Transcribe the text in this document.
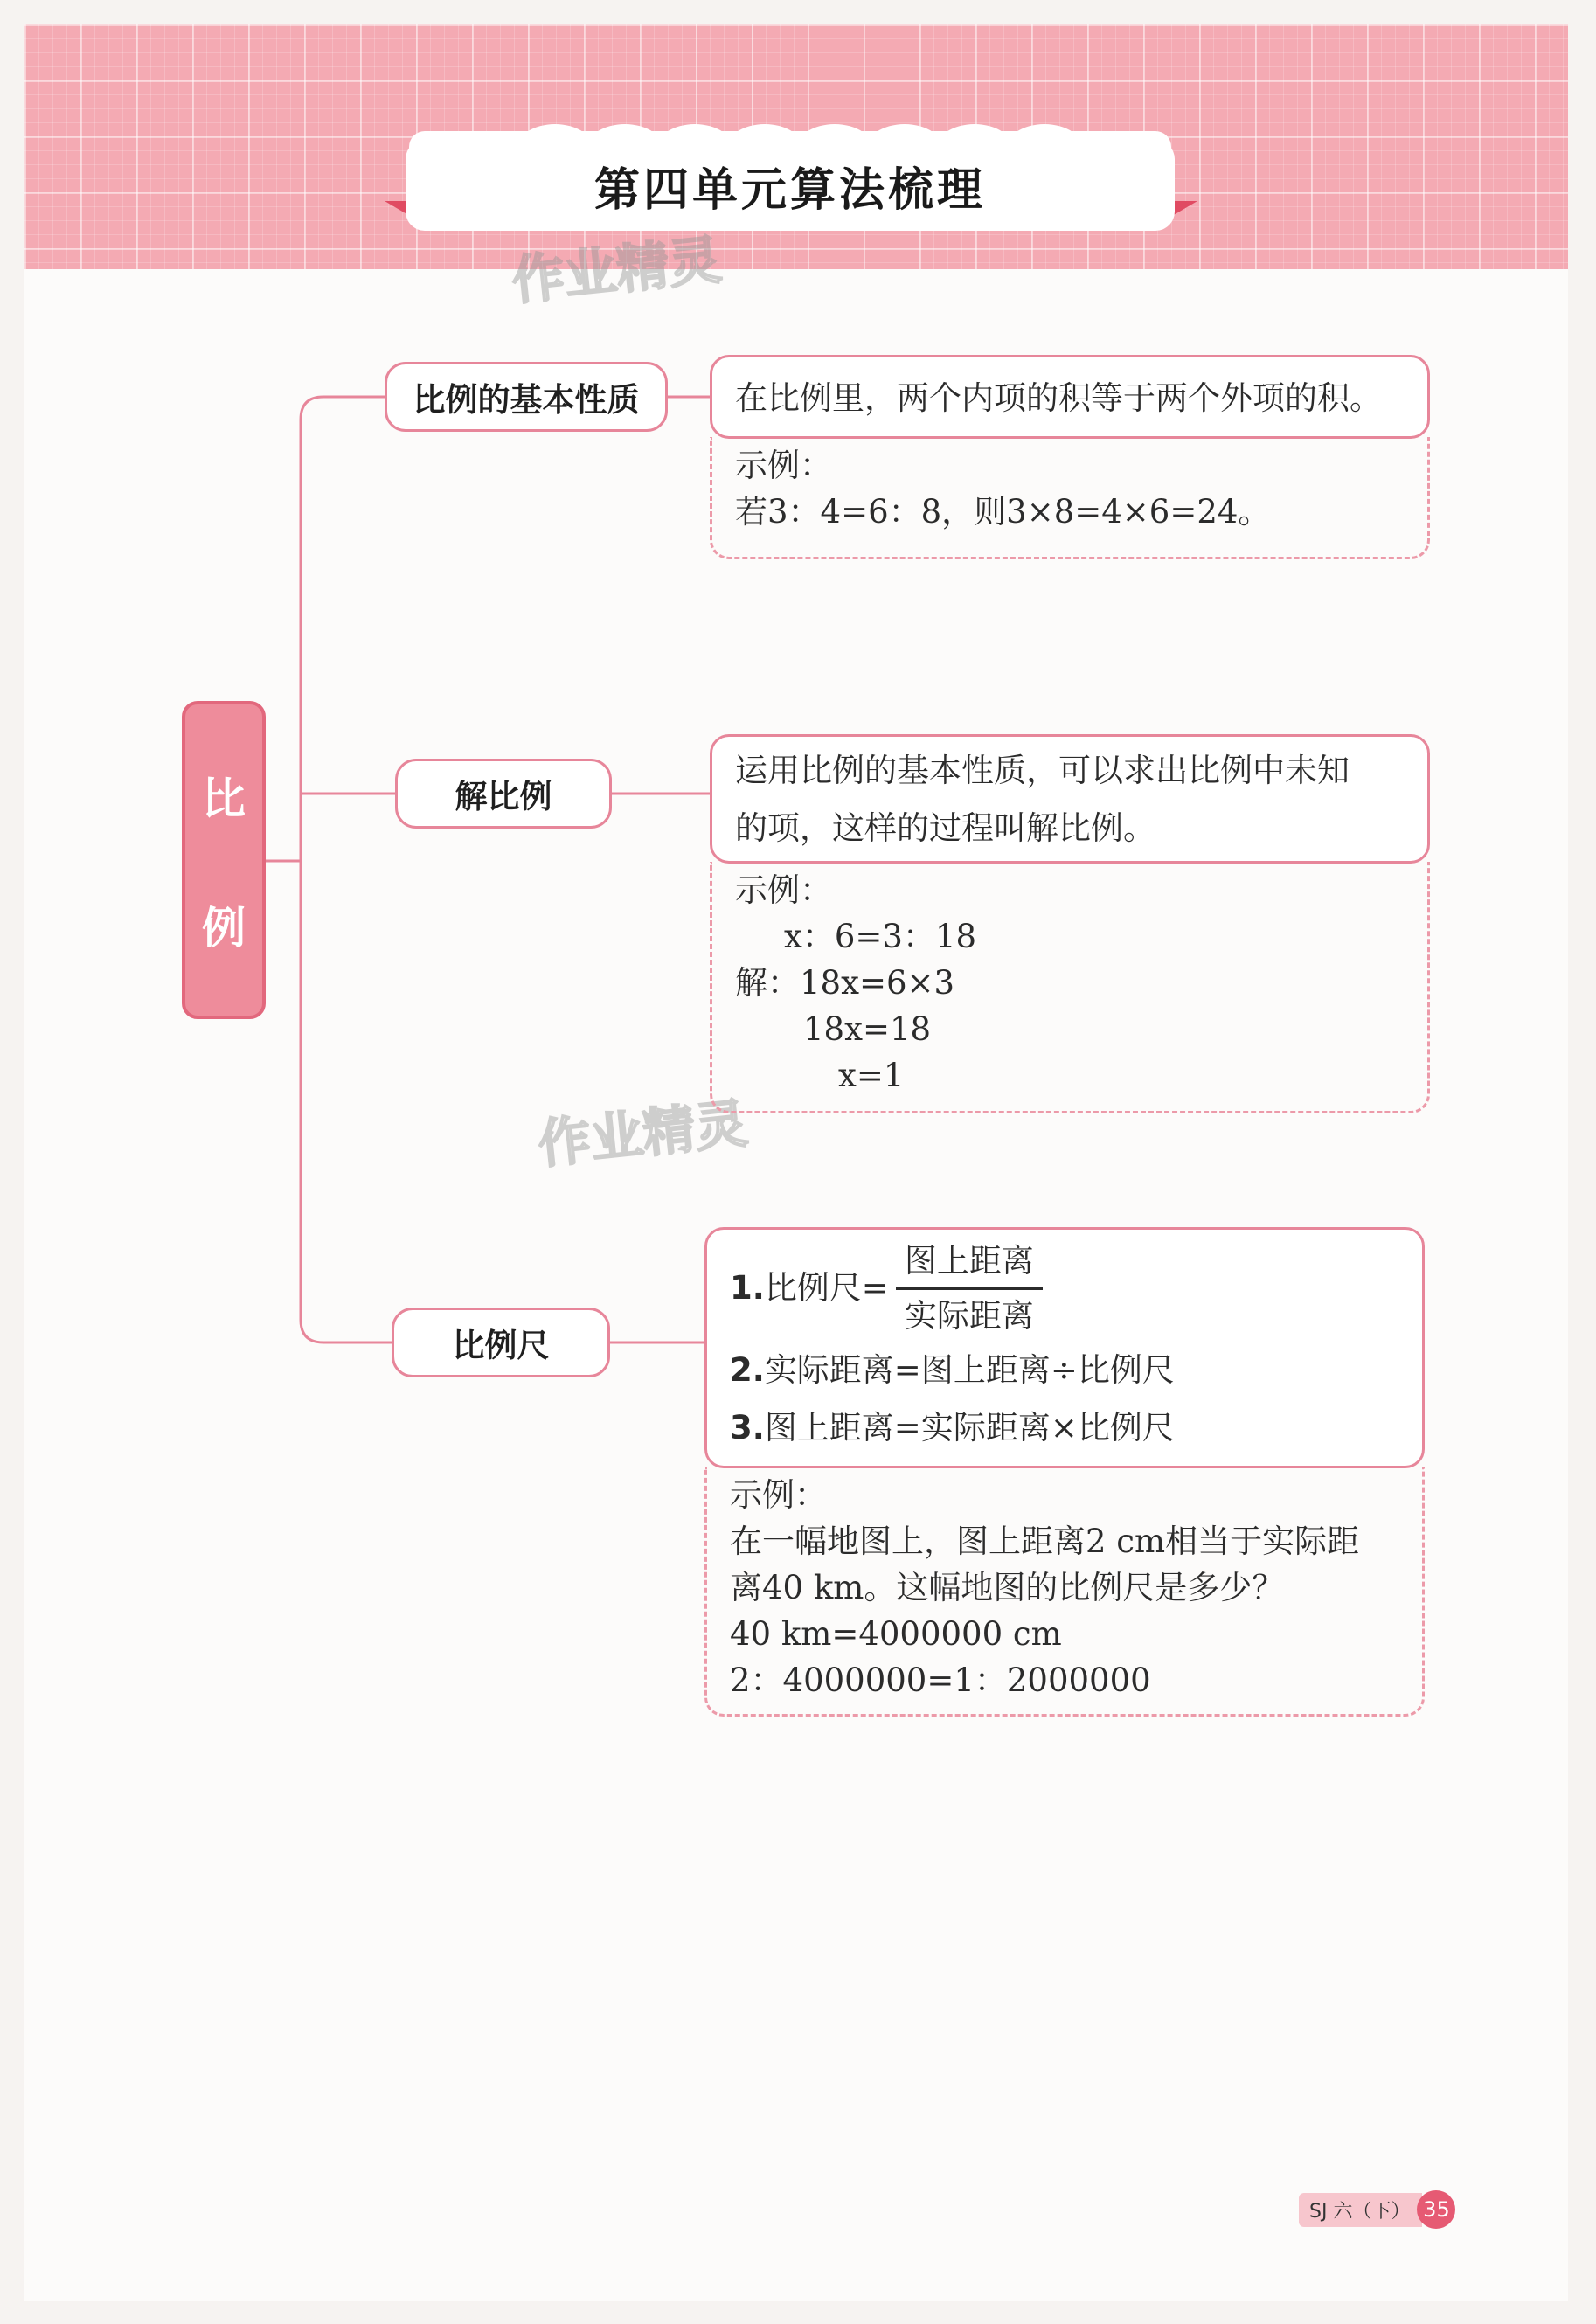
第四单元算法梳理
作业精灵
作业精灵
比
例
比例的基本性质	在比例里，两个内项的积等于两个外项的积。
示例：
若3：4=6：8，则3×8=4×6=24。
解比例
运用比例的基本性质，可以求出比例中未知
的项，这样的过程叫解比例。
示例：
x：6=3：18
解：18x=6×3
18x=18
x=1
比例尺
1. 比例尺= $\frac{\text{图上距离}}{\text{实际距离}}$
2.实际距离=图上距离÷比例尺
3.图上距离=实际距离×比例尺
示例：
在一幅地图上，图上距离2 cm相当于实际距
离40 km。这幅地图的比例尺是多少？
40 km=4000000 cm
2：4000000=1：2000000
SJ 六（下） 35
